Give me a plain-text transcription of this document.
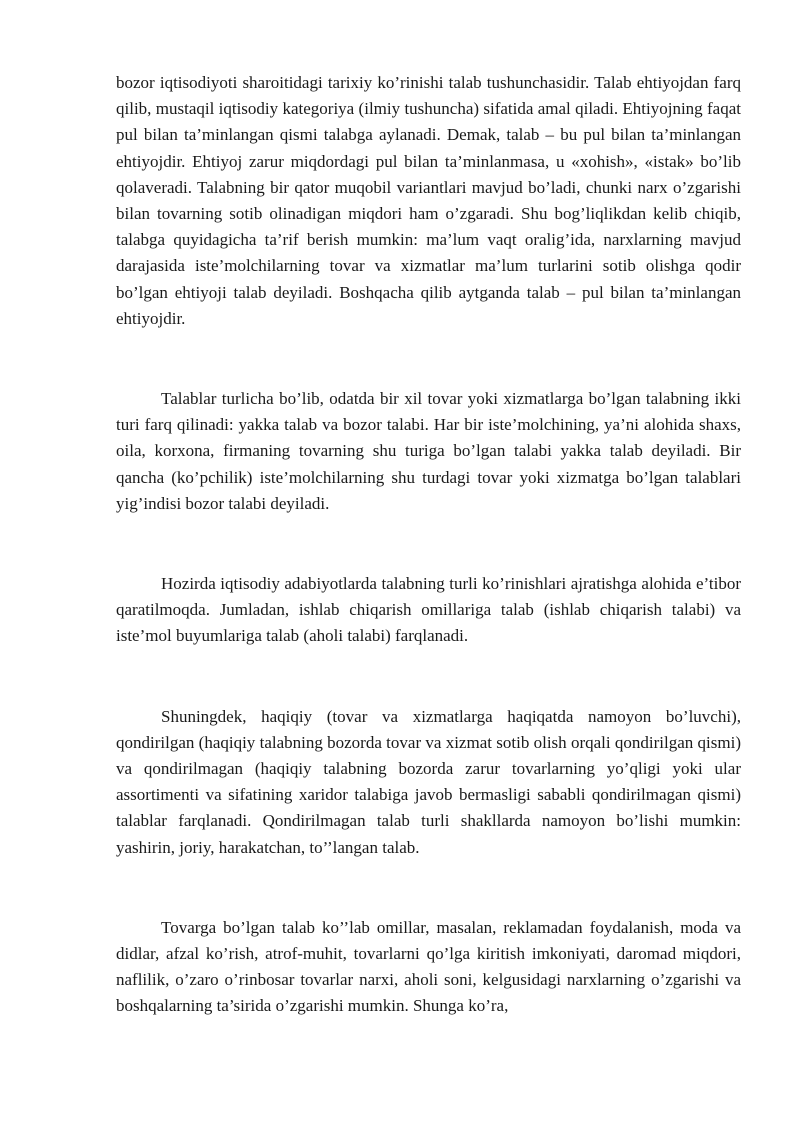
bozor iqtisodiyoti sharoitidagi tarixiy ko’rinishi talab tushunchasidir. Talab ehtiyojdan farq qilib, mustaqil iqtisodiy kategoriya (ilmiy tushuncha) sifatida amal qiladi. Ehtiyojning faqat pul bilan ta’minlangan qismi talabga aylanadi. Demak, talab – bu pul bilan ta’minlangan ehtiyojdir. Ehtiyoj zarur miqdordagi pul bilan ta’minlanmasa, u «xohish», «istak» bo’lib qolaveradi. Talabning bir qator muqobil variantlari mavjud bo’ladi, chunki narx o’zgarishi bilan tovarning sotib olinadigan miqdori ham o’zgaradi. Shu bog’liqlikdan kelib chiqib, talabga quyidagicha ta’rif berish mumkin: ma’lum vaqt oralig’ida, narxlarning mavjud darajasida iste’molchilarning tovar va xizmatlar ma’lum turlarini sotib olishga qodir bo’lgan ehtiyoji talab deyiladi. Boshqacha qilib aytganda talab – pul bilan ta’minlangan ehtiyojdir.

Talablar turlicha bo’lib, odatda bir xil tovar yoki xizmatlarga bo’lgan talabning ikki turi farq qilinadi: yakka talab va bozor talabi. Har bir iste’molchining, ya’ni alohida shaxs, oila, korxona, firmaning tovarning shu turiga bo’lgan talabi yakka talab deyiladi. Bir qancha (ko’pchilik) iste’molchilarning shu turdagi tovar yoki xizmatga bo’lgan talablari yig’indisi bozor talabi deyiladi.

Hozirda iqtisodiy adabiyotlarda talabning turli ko’rinishlari ajratishga alohida e’tibor qaratilmoqda. Jumladan, ishlab chiqarish omillariga talab (ishlab chiqarish talabi) va iste’mol buyumlariga talab (aholi talabi) farqlanadi.

Shuningdek, haqiqiy (tovar va xizmatlarga haqiqatda namoyon bo’luvchi), qondirilgan (haqiqiy talabning bozorda tovar va xizmat sotib olish orqali qondirilgan qismi) va qondirilmagan (haqiqiy talabning bozorda zarur tovarlarning yo’qligi yoki ular assortimenti va sifatining xaridor talabiga javob bermasligi sababli qondirilmagan qismi) talablar farqlanadi. Qondirilmagan talab turli shakllarda namoyon bo’lishi mumkin: yashirin, joriy, harakatchan, to’’langan talab.

Tovarga bo’lgan talab ko’’lab omillar, masalan, reklamadan foydalanish, moda va didlar, afzal ko’rish, atrof-muhit, tovarlarni qo’lga kiritish imkoniyati, daromad miqdori, naflilik, o’zaro o’rinbosar tovarlar narxi, aholi soni, kelgusidagi narxlarning o’zgarishi va boshqalarning ta’sirida o’zgarishi mumkin. Shunga ko’ra,
